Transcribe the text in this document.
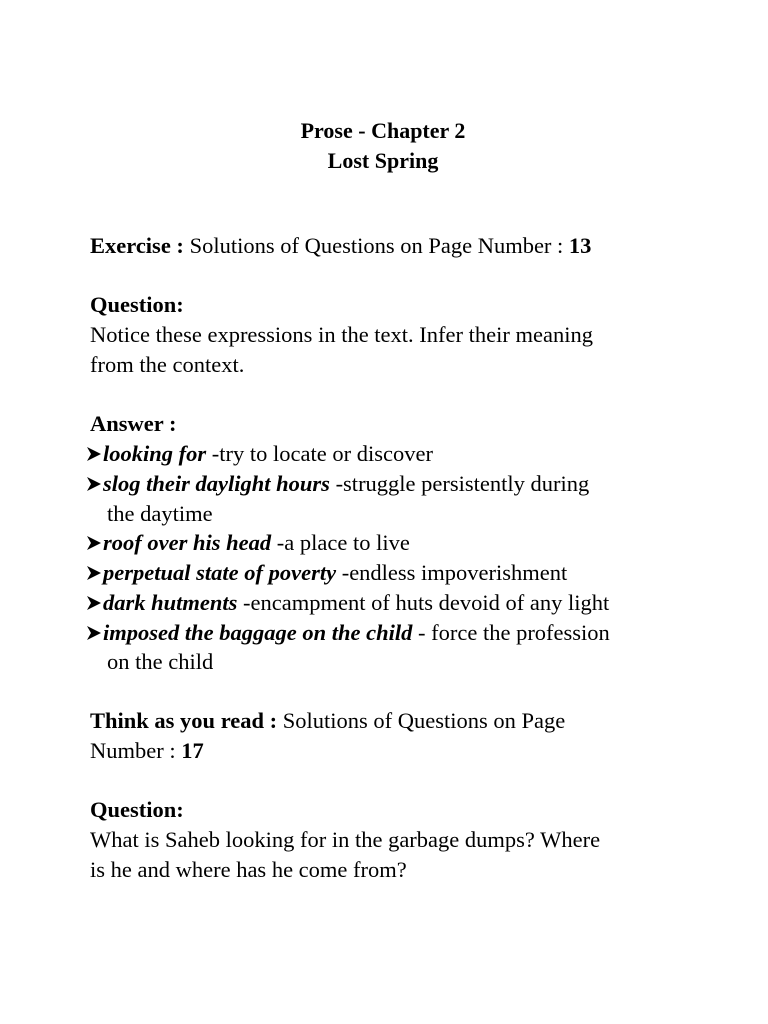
Prose - Chapter 2
Lost Spring
Exercise : Solutions of Questions on Page Number : 13
Question:
Notice these expressions in the text. Infer their meaning
from the context.
Answer :
looking for -try to locate or discover
slog their daylight hours -struggle persistently during
the daytime
roof over his head -a place to live
perpetual state of poverty -endless impoverishment
dark hutments -encampment of huts devoid of any light
imposed the baggage on the child - force the profession
on the child
Think as you read : Solutions of Questions on Page
Number : 17
Question:
What is Saheb looking for in the garbage dumps? Where
is he and where has he come from?
